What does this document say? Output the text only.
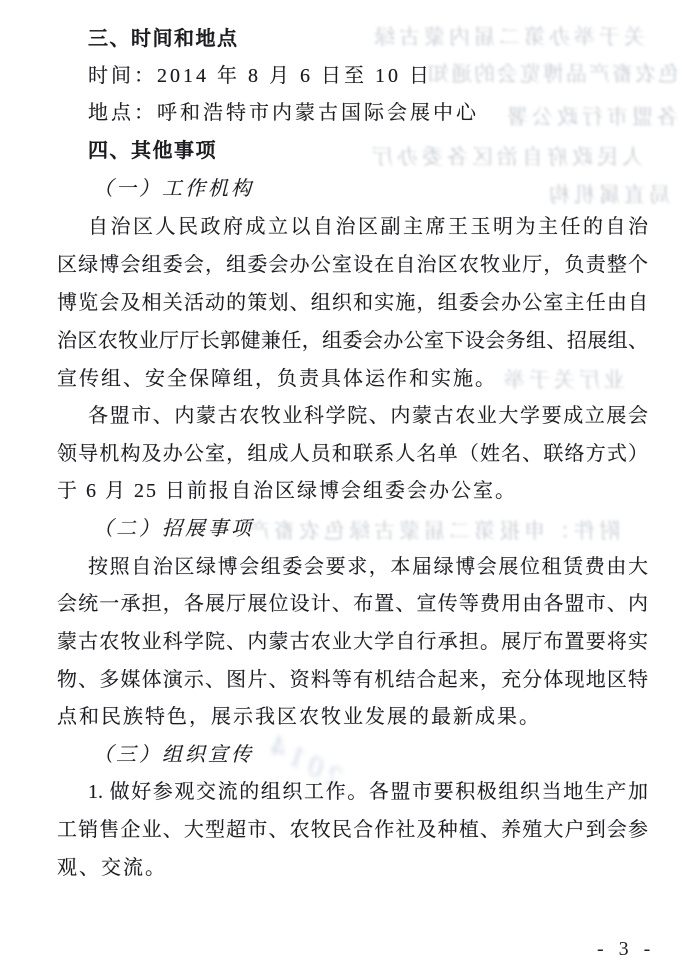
关于举办第二届内蒙古绿
色农畜产品博览会的通知
各盟市行政公署
人民政府自治区各委办厅
局直属机构
业厅关于举
附件：申报第二届蒙古绿色农畜产
2014
三、时间和地点
时间：2014 年 8 月 6 日至 10 日
地点：呼和浩特市内蒙古国际会展中心
四、其他事项
（一）工作机构
自治区人民政府成立以自治区副主席王玉明为主任的自治
区绿博会组委会，组委会办公室设在自治区农牧业厅，负责整个
博览会及相关活动的策划、组织和实施，组委会办公室主任由自
治区农牧业厅厅长郭健兼任，组委会办公室下设会务组、招展组、
宣传组、安全保障组，负责具体运作和实施。
各盟市、内蒙古农牧业科学院、内蒙古农业大学要成立展会
领导机构及办公室，组成人员和联系人名单（姓名、联络方式）
于 6 月 25 日前报自治区绿博会组委会办公室。
（二）招展事项
按照自治区绿博会组委会要求，本届绿博会展位租赁费由大
会统一承担，各展厅展位设计、布置、宣传等费用由各盟市、内
蒙古农牧业科学院、内蒙古农业大学自行承担。展厅布置要将实
物、多媒体演示、图片、资料等有机结合起来，充分体现地区特
点和民族特色，展示我区农牧业发展的最新成果。
（三）组织宣传
1. 做好参观交流的组织工作。各盟市要积极组织当地生产加
工销售企业、大型超市、农牧民合作社及种植、养殖大户到会参
观、交流。
- 3 -
